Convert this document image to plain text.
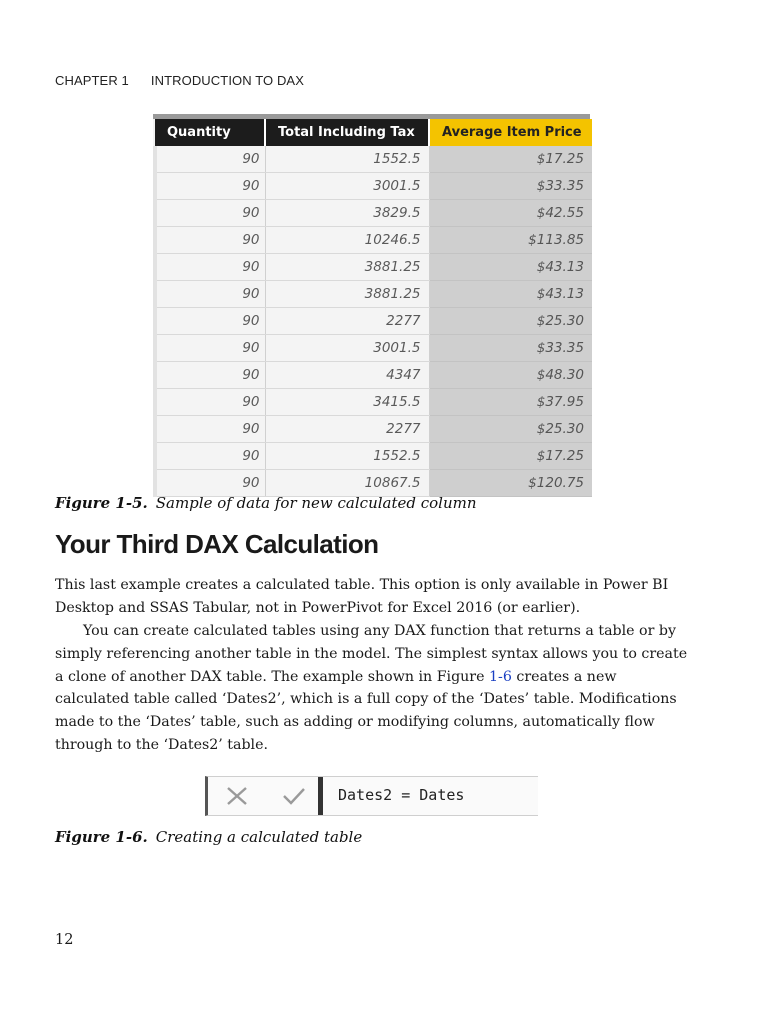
CHAPTER 1 INTRODUCTION TO DAX
Quantity	Total Including Tax	Average Item Price
90	1552.5	$17.25
90	3001.5	$33.35
90	3829.5	$42.55
90	10246.5	$113.85
90	3881.25	$43.13
90	3881.25	$43.13
90	2277	$25.30
90	3001.5	$33.35
90	4347	$48.30
90	3415.5	$37.95
90	2277	$25.30
90	1552.5	$17.25
90	10867.5	$120.75
Figure 1-5. Sample of data for new calculated column
Your Third DAX Calculation

This last example creates a calculated table. This option is only available in Power BI Desktop and SSAS Tabular, not in PowerPivot for Excel 2016 (or earlier).

You can create calculated tables using any DAX function that returns a table or by simply referencing another table in the model. The simplest syntax allows you to create a clone of another DAX table. The example shown in Figure 1-6 creates a new calculated table called ‘Dates2’, which is a full copy of the ‘Dates’ table. Modifications made to the ‘Dates’ table, such as adding or modifying columns, automatically flow through to the ‘Dates2’ table.

Dates2 = Dates
Figure 1-6. Creating a calculated table
12
